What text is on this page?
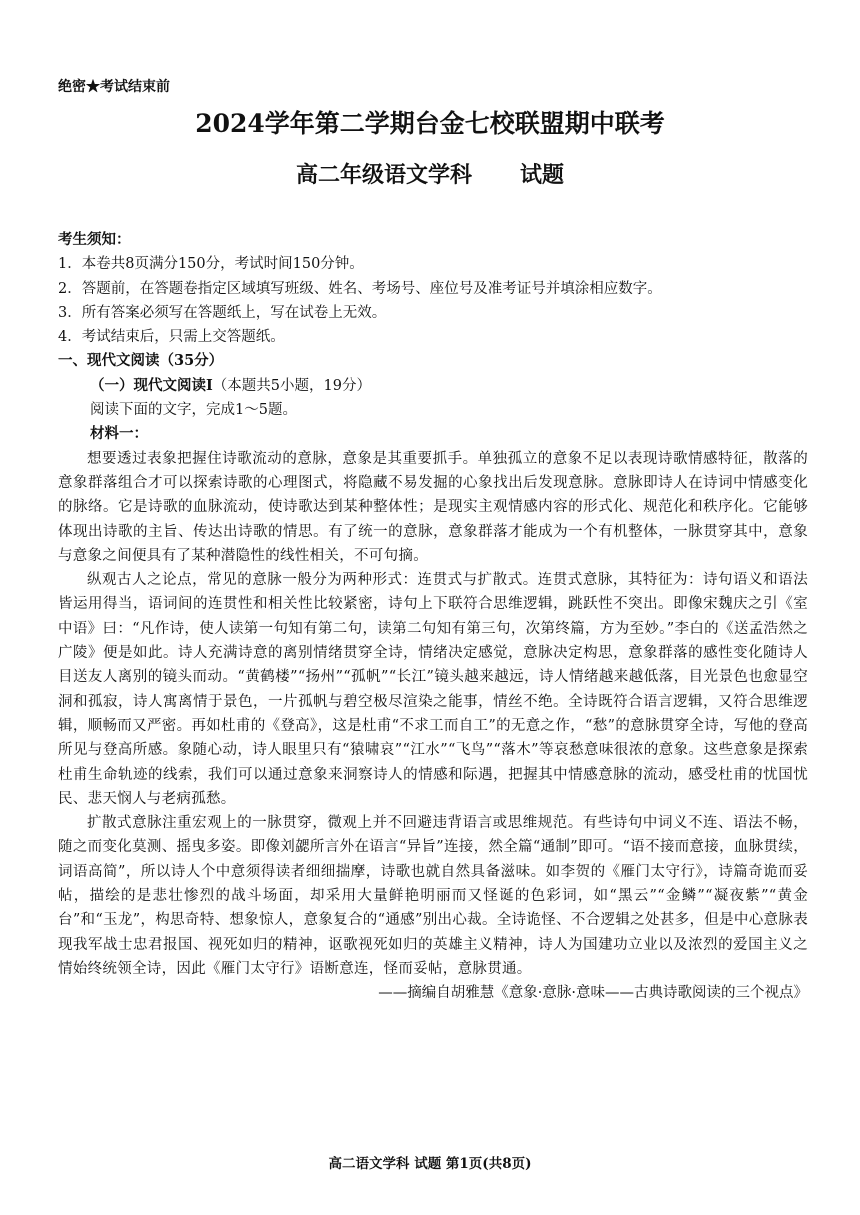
绝密★考试结束前
2024学年第二学期台金七校联盟期中联考
高二年级语文学科 试题
考生须知：
1．本卷共8页满分150分，考试时间150分钟。
2．答题前，在答题卷指定区域填写班级、姓名、考场号、座位号及准考证号并填涂相应数字。
3．所有答案必须写在答题纸上，写在试卷上无效。
4．考试结束后，只需上交答题纸。
一、现代文阅读（35分）
（一）现代文阅读Ⅰ（本题共5小题，19分）
阅读下面的文字，完成1～5题。
材料一：

想要透过表象把握住诗歌流动的意脉，意象是其重要抓手。单独孤立的意象不足以表现诗歌情感特征，散落的意象群落组合才可以探索诗歌的心理图式，将隐藏不易发掘的心象找出后发现意脉。意脉即诗人在诗词中情感变化的脉络。它是诗歌的血脉流动，使诗歌达到某种整体性；是现实主观情感内容的形式化、规范化和秩序化。它能够体现出诗歌的主旨、传达出诗歌的情思。有了统一的意脉，意象群落才能成为一个有机整体，一脉贯穿其中，意象与意象之间便具有了某种潜隐性的线性相关，不可句摘。

纵观古人之论点，常见的意脉一般分为两种形式：连贯式与扩散式。连贯式意脉，其特征为：诗句语义和语法皆运用得当，语词间的连贯性和相关性比较紧密，诗句上下联符合思维逻辑，跳跃性不突出。即像宋魏庆之引《室中语》曰：“凡作诗，使人读第一句知有第二句，读第二句知有第三句，次第终篇，方为至妙。”李白的《送孟浩然之广陵》便是如此。诗人充满诗意的离别情绪贯穿全诗，情绪决定感觉，意脉决定构思，意象群落的感性变化随诗人目送友人离别的镜头而动。“黄鹤楼”“扬州”“孤帆”“长江”镜头越来越远，诗人情绪越来越低落，目光景色也愈显空洞和孤寂，诗人寓离情于景色，一片孤帆与碧空极尽渲染之能事，情丝不绝。全诗既符合语言逻辑，又符合思维逻辑，顺畅而又严密。再如杜甫的《登高》，这是杜甫“不求工而自工”的无意之作，“愁”的意脉贯穿全诗，写他的登高所见与登高所感。象随心动，诗人眼里只有“猿啸哀”“江水”“飞鸟”“落木”等哀愁意味很浓的意象。这些意象是探索杜甫生命轨迹的线索，我们可以通过意象来洞察诗人的情感和际遇，把握其中情感意脉的流动，感受杜甫的忧国忧民、悲天悯人与老病孤愁。

扩散式意脉注重宏观上的一脉贯穿，微观上并不回避违背语言或思维规范。有些诗句中词义不连、语法不畅，随之而变化莫测、摇曳多姿。即像刘勰所言外在语言“异旨”连接，然全篇“通制”即可。“语不接而意接，血脉贯续，词语高简”，所以诗人个中意须得读者细细揣摩，诗歌也就自然具备滋味。如李贺的《雁门太守行》，诗篇奇诡而妥帖，描绘的是悲壮惨烈的战斗场面，却采用大量鲜艳明丽而又怪诞的色彩词，如“黑云”“金鳞”“凝夜紫”“黄金台”和“玉龙”，构思奇特、想象惊人，意象复合的“通感”别出心裁。全诗诡怪、不合逻辑之处甚多，但是中心意脉表现我军战士忠君报国、视死如归的精神，讴歌视死如归的英雄主义精神，诗人为国建功立业以及浓烈的爱国主义之情始终统领全诗，因此《雁门太守行》语断意连，怪而妥帖，意脉贯通。

——摘编自胡雅慧《意象·意脉·意味——古典诗歌阅读的三个视点》
高二语文学科 试题 第1页(共8页)
